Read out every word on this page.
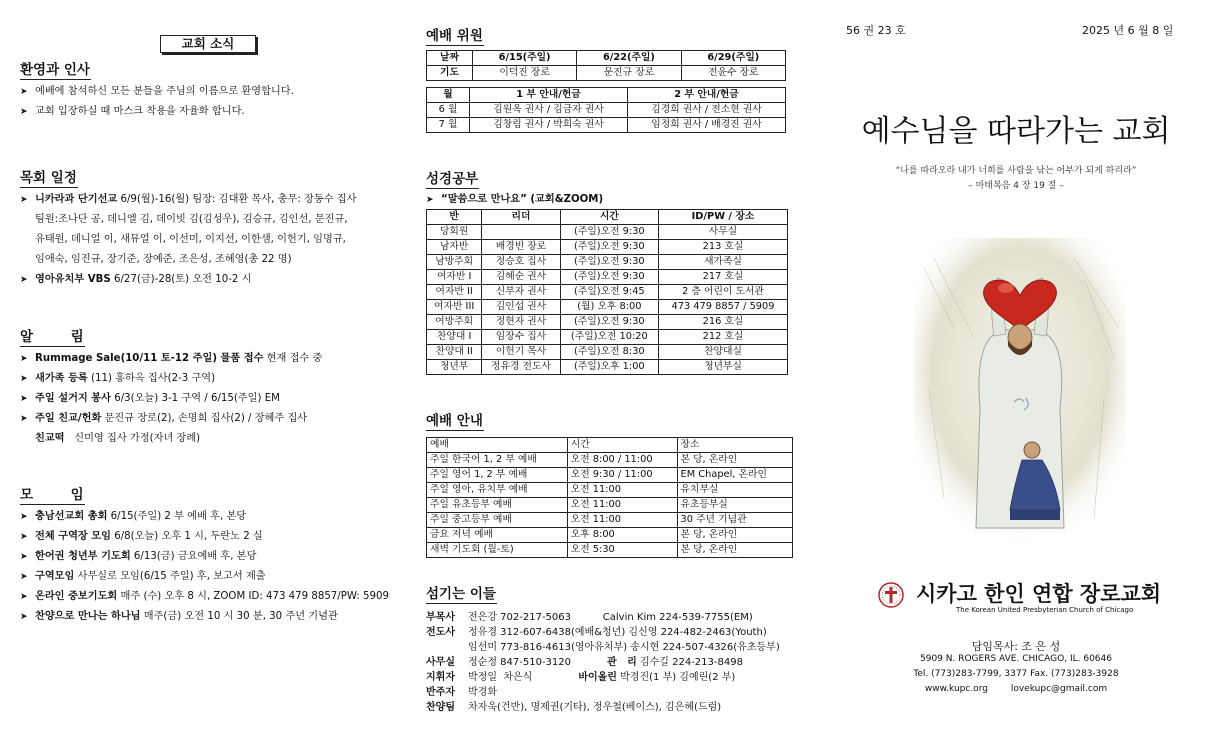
교회 소식
환영과 인사
➤ 예배에 참석하신 모든 분들을 주님의 이름으로 환영합니다.
➤ 교회 입장하실 때 마스크 착용을 자율화 합니다.
목회 일정
➤ 니카라과 단기선교 6/9(월)-16(월) 팀장: 김대환 목사, 총무: 장동수 집사
팀원:조나단 공, 데니엘 김, 데이빗 김(김성우), 김승규, 김인선, 문진규,
유태원, 데니얼 이, 새뮤얼 이, 이선미, 이지선, 이한샘, 이헌기, 임명규,
임애숙, 임진규, 장기준, 장예준, 조은성, 조혜영(총 22 명)
➤ 영아유치부 VBS 6/27(금)-28(토) 오전 10-2 시
알        림
➤ Rummage Sale(10/11 토-12 주일) 물품 접수 현재 접수 중
➤ 새가족 등록 (11) 홍하옥 집사(2-3 구역)
➤ 주일 설거지 봉사 6/3(오늘) 3-1 구역 / 6/15(주일) EM
➤ 주일 친교/헌화 문진규 장로(2), 손명희 집사(2) / 장혜주 집사
친교떡   신미영 집사 가정(자녀 장례)
모        임
➤ 충남선교회 총회 6/15(주일) 2 부 예배 후, 본당
➤ 전체 구역장 모임 6/8(오늘) 오후 1 시, 두란노 2 실
➤ 한어권 청년부 기도회 6/13(금) 금요예배 후, 본당
➤ 구역모임 사무실로 모임(6/15 주일) 후, 보고서 제출
➤ 온라인 중보기도회 매주 (수) 오후 8 시, ZOOM ID: 473 479 8857/PW: 5909
➤ 찬양으로 만나는 하나님 매주(금) 오전 10 시 30 분, 30 주년 기념관
예배 위원
날짜	6/15(주일)	6/22(주일)	6/29(주일)
기도	이덕진 장로	문진규 장로	전윤수 장로
월	1 부 안내/헌금	2 부 안내/헌금
6 월	김원옥 권사 / 김금자 권사	김경희 권사 / 전소현 권사
7 월	김창림 권사 / 박희숙 권사	임정희 권사 / 배경진 권사
성경공부
➤ “말씀으로 만나요” (교회&ZOOM)
반	리더	시간	ID/PW / 장소
당회원		(주일)오전 9:30	사무실
남자반	배경빈 장로	(주일)오전 9:30	213 호실
남방주회	정승호 집사	(주일)오전 9:30	새가족실
여자반 I	김혜순 권사	(주일)오전 9:30	217 호실
여자반 II	신부자 권사	(주일)오전 9:45	2 층 어린이 도서관
여자반 III	김인섭 권사	(월) 오후 8:00	473 479 8857 / 5909
여방주회	정현자 권사	(주일)오전 9:30	216 호실
찬양대 I	임장수 집사	(주일)오전 10:20	212 호실
찬양대 II	이헌기 목사	(주일)오전 8:30	찬양대실
청년부	정유경 전도사	(주일)오후 1:00	청년부실
예배 안내
예배	시간	장소
주일 한국어 1, 2 부 예배	오전 8:00 / 11:00	본 당, 온라인
주일 영어 1, 2 부 예배	오전 9:30 / 11:00	EM Chapel, 온라인
주일 영아, 유치부 예배	오전 11:00	유치부실
주일 유초등부 예배	오전 11:00	유초등부실
주일 중고등부 예배	오전 11:00	30 주년 기념관
금요 저녁 예배	오후 8:00	본 당, 온라인
새벽 기도회 (월-토)	오전 5:30	본 당, 온라인
섬기는 이들
부목사 전은강 702-217-5063          Calvin Kim 224-539-7755(EM)
전도사 정유경 312-607-6438(예배&청년) 김신영 224-482-2463(Youth)
임선미 773-816-4613(영아유치부) 송시현 224-507-4326(유초등부)
사무실 정순정 847-510-3120	관   리 김수길 224-213-8498
지휘자 박정일  차은식	바이올린 박경진(1 부) 김예린(2 부)
반주자 박경화
찬양팀 차자욱(건반), 명제권(기타), 정우철(베이스), 김은혜(드럼)
56 권 23 호	2025 년 6 월 8 일
예수님을 따라가는 교회
“나를 따라오라 내가 너희를 사람을 낚는 어부가 되게 하리라”
– 마태복음 4 장 19 절 –
시카고 한인 연합 장로교회
The Korean United Presbyterian Church of Chicago
담임목사: 조 은 성
5909 N. ROGERS AVE. CHICAGO, IL. 60646
Tel. (773)283-7799, 3377 Fax. (773)283-3928
www.kupc.org	lovekupc@gmail.com
